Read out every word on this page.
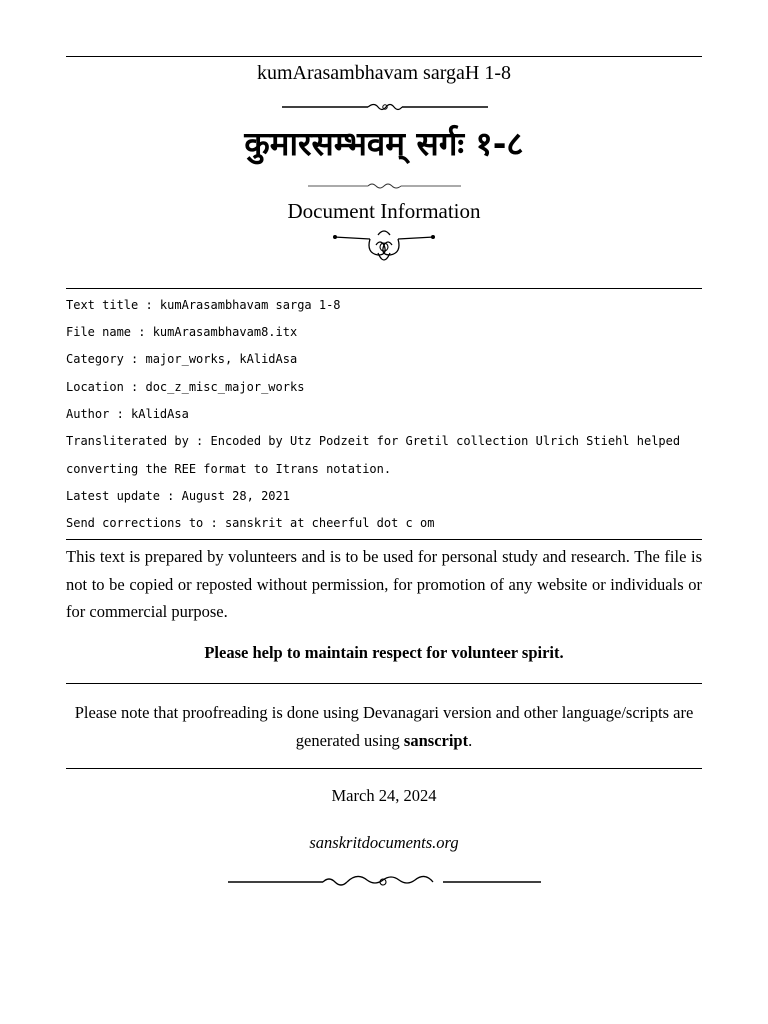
kumArasambhavam sargaH 1-8
कुमारसम्भवम् सर्गः १-८
Document Information
Text title : kumArasambhavam sarga 1-8
File name : kumArasambhavam8.itx
Category : major_works, kAlidAsa
Location : doc_z_misc_major_works
Author : kAlidAsa
Transliterated by : Encoded by Utz Podzeit for Gretil collection Ulrich Stiehl helped
converting the REE format to Itrans notation.
Latest update : August 28, 2021
Send corrections to : sanskrit at cheerful dot c om
This text is prepared by volunteers and is to be used for personal study and research. The file is not to be copied or reposted without permission, for promotion of any website or individuals or for commercial purpose.
Please help to maintain respect for volunteer spirit.
Please note that proofreading is done using Devanagari version and other language/scripts are generated using sanscript.
March 24, 2024
sanskritdocuments.org
